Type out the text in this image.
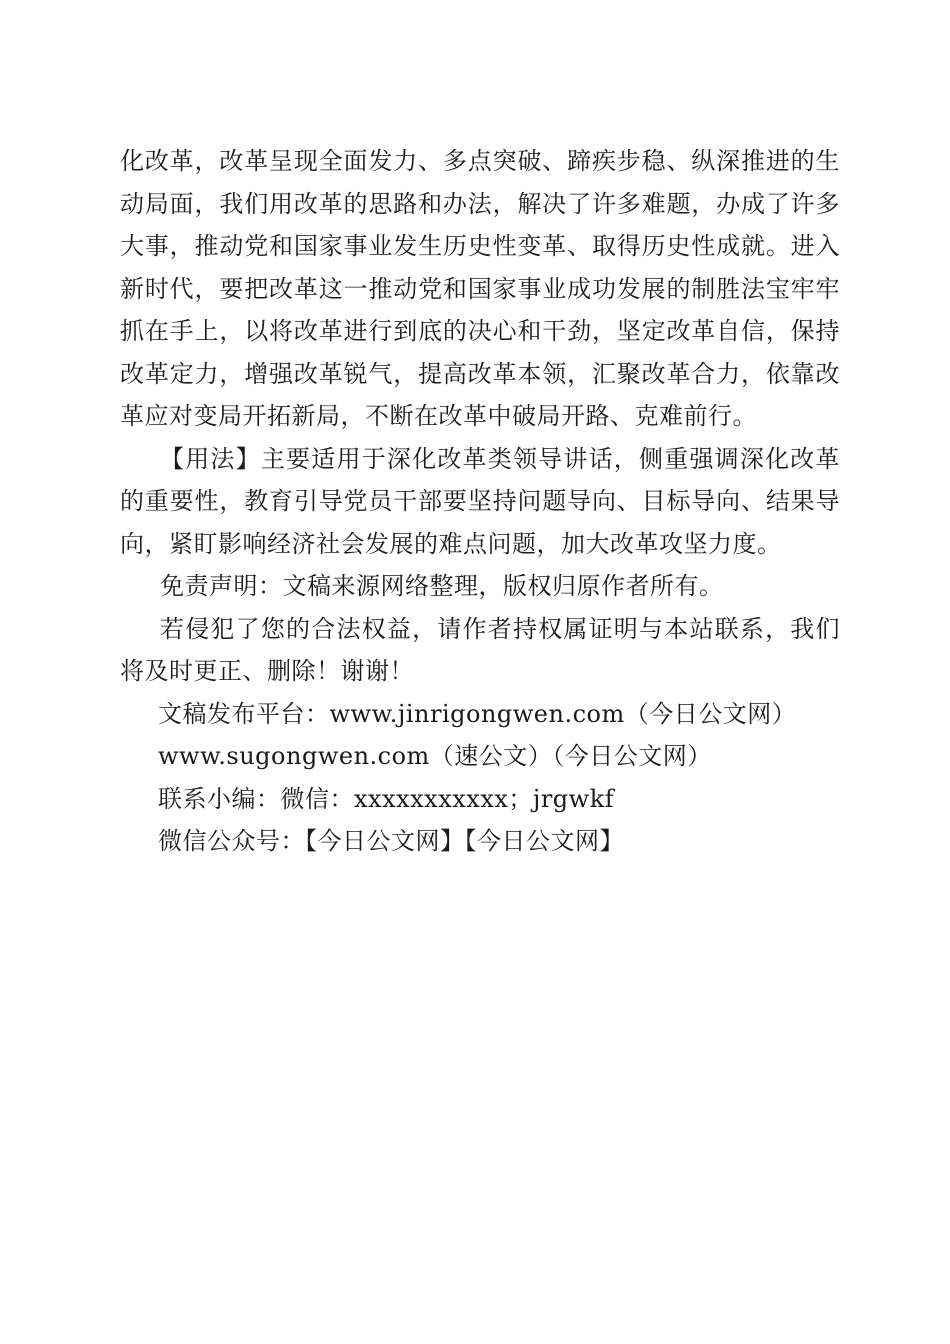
化改革，改革呈现全面发力、多点突破、蹄疾步稳、纵深推进的生动局面，我们用改革的思路和办法，解决了许多难题，办成了许多大事，推动党和国家事业发生历史性变革、取得历史性成就。进入新时代，要把改革这一推动党和国家事业成功发展的制胜法宝牢牢抓在手上，以将改革进行到底的决心和干劲，坚定改革自信，保持改革定力，增强改革锐气，提高改革本领，汇聚改革合力，依靠改革应对变局开拓新局，不断在改革中破局开路、克难前行。

【用法】主要适用于深化改革类领导讲话，侧重强调深化改革的重要性，教育引导党员干部要坚持问题导向、目标导向、结果导向，紧盯影响经济社会发展的难点问题，加大改革攻坚力度。

免责声明：文稿来源网络整理，版权归原作者所有。

若侵犯了您的合法权益，请作者持权属证明与本站联系，我们将及时更正、删除！谢谢！

文稿发布平台：www.jinrigongwen.com（今日公文网）

www.sugongwen.com（速公文）（今日公文网）

联系小编：微信：xxxxxxxxxxx；jrgwkf

微信公众号：【今日公文网】【今日公文网】
